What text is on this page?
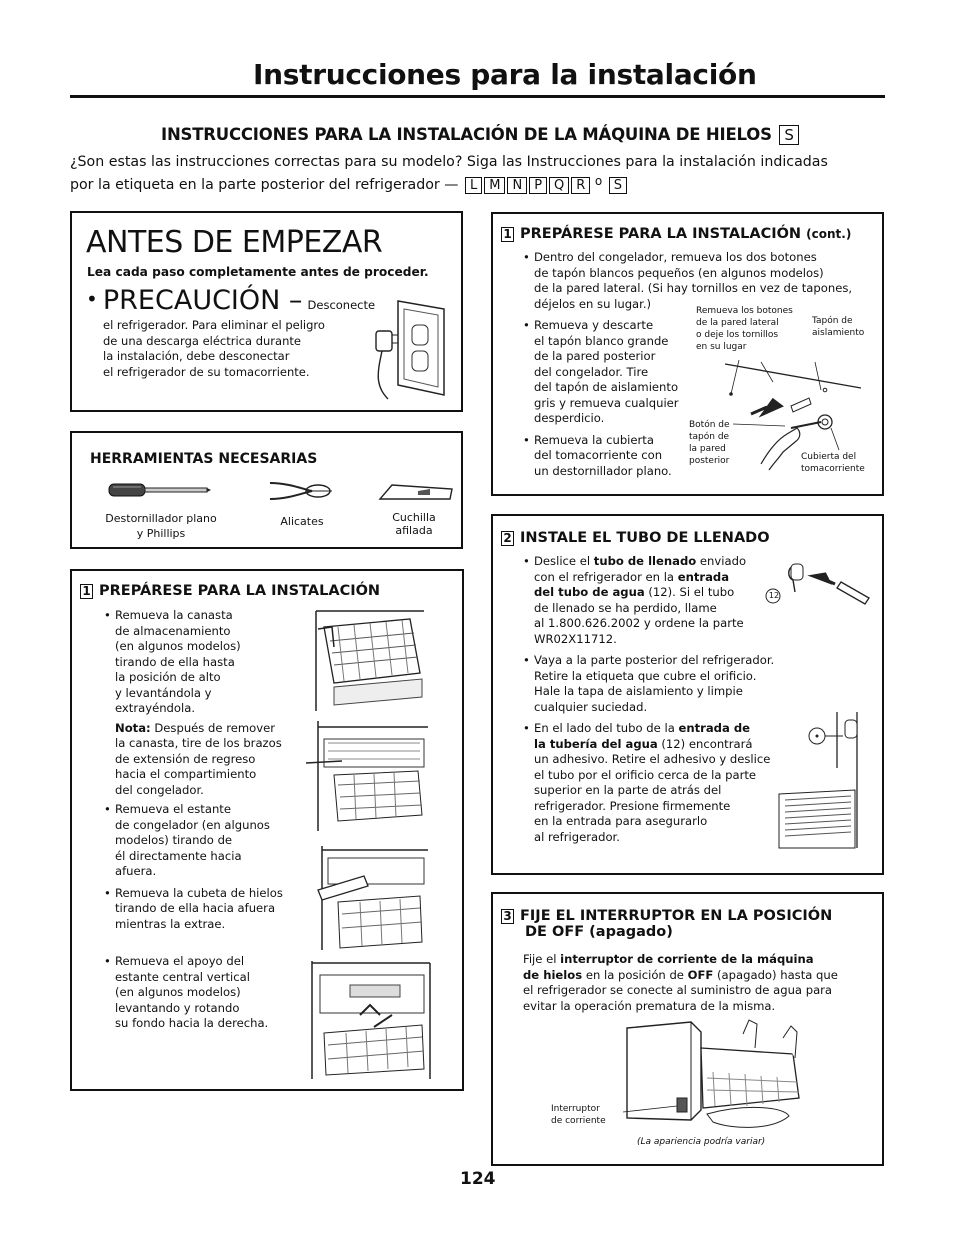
Instrucciones para la instalación
INSTRUCCIONES PARA LA INSTALACIÓN DE LA MÁQUINA DE HIELOS S
¿Son estas las instrucciones correctas para su modelo? Siga las Instrucciones para la instalación indicadas
por la etiqueta en la parte posterior del refrigerador — L M N P Q R $^o$ S
ANTES DE EMPEZAR
Lea cada paso completamente antes de proceder.
• PRECAUCIÓN – Desconecte
el refrigerador. Para eliminar el peligro
de una descarga eléctrica durante
la instalación, debe desconectar
el refrigerador de su tomacorriente.
HERRAMIENTAS NECESARIAS
Destornillador plano
y Phillips
Alicates	Cuchilla
afilada
1 PREPÁRESE PARA LA INSTALACIÓN
• Remueva la canasta
de almacenamiento
(en algunos modelos)
tirando de ella hasta
la posición de alto
y levantándola y
extrayéndola.
Nota: Después de remover
la canasta, tire de los brazos
de extensión de regreso
hacia el compartimiento
del congelador.
• Remueva el estante
de congelador (en algunos
modelos) tirando de
él directamente hacia
afuera.
• Remueva la cubeta de hielos
tirando de ella hacia afuera
mientras la extrae.
• Remueva el apoyo del
estante central vertical
(en algunos modelos)
levantando y rotando
su fondo hacia la derecha.
1 PREPÁRESE PARA LA INSTALACIÓN (cont.)
• Dentro del congelador, remueva los dos botones
de tapón blancos pequeños (en algunos modelos)
de la pared lateral. (Si hay tornillos en vez de tapones,
déjelos en su lugar.)
• Remueva y descarte
el tapón blanco grande
de la pared posterior
del congelador. Tire
del tapón de aislamiento
gris y remueva cualquier
desperdicio.
• Remueva la cubierta
del tomacorriente con
un destornillador plano.
Remueva los botones
de la pared lateral
o deje los tornillos
en su lugar
Tapón de
aislamiento
Botón de
tapón de
la pared
posterior	Cubierta del
tomacorriente
2 INSTALE EL TUBO DE LLENADO
• Deslice el tubo de llenado enviado
con el refrigerador en la entrada
del tubo de agua (12). Si el tubo
de llenado se ha perdido, llame
al 1.800.626.2002 y ordene la parte
WR02X11712.
• Vaya a la parte posterior del refrigerador.
Retire la etiqueta que cubre el orificio.
Hale la tapa de aislamiento y limpie
cualquier suciedad.
• En el lado del tubo de la entrada de
la tubería del agua (12) encontrará
un adhesivo. Retire el adhesivo y deslice
el tubo por el orificio cerca de la parte
superior en la parte de atrás del
refrigerador. Presione firmemente
en la entrada para asegurarlo
al refrigerador.
12
3 FIJE EL INTERRUPTOR EN LA POSICIÓN
DE OFF (apagado)
Fije el interruptor de corriente de la máquina
de hielos en la posición de OFF (apagado) hasta que
el refrigerador se conecte al suministro de agua para
evitar la operación prematura de la misma.
Interruptor
de corriente
(La apariencia podría variar)
124
